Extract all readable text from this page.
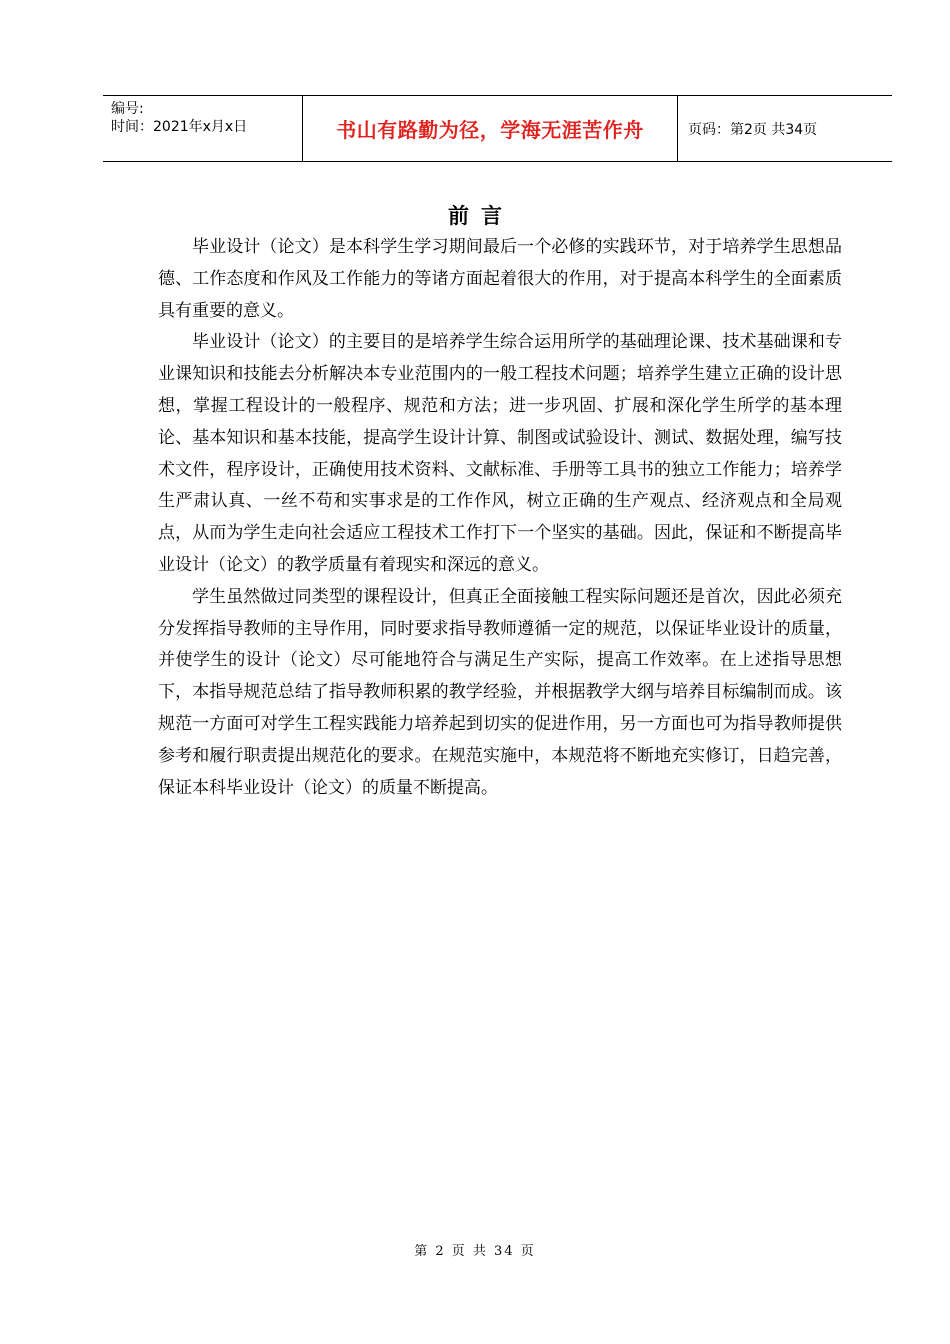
编号:
时间：2021年x月x日	书山有路勤为径，学海无涯苦作舟	页码：第2页 共34页
前言

毕业设计（论文）是本科学生学习期间最后一个必修的实践环节，对于培养学生思想品德、工作态度和作风及工作能力的等诸方面起着很大的作用，对于提高本科学生的全面素质具有重要的意义。

毕业设计（论文）的主要目的是培养学生综合运用所学的基础理论课、技术基础课和专业课知识和技能去分析解决本专业范围内的一般工程技术问题；培养学生建立正确的设计思想，掌握工程设计的一般程序、规范和方法；进一步巩固、扩展和深化学生所学的基本理论、基本知识和基本技能，提高学生设计计算、制图或试验设计、测试、数据处理，编写技术文件，程序设计，正确使用技术资料、文献标准、手册等工具书的独立工作能力；培养学生严肃认真、一丝不苟和实事求是的工作作风，树立正确的生产观点、经济观点和全局观点，从而为学生走向社会适应工程技术工作打下一个坚实的基础。因此，保证和不断提高毕业设计（论文）的教学质量有着现实和深远的意义。

学生虽然做过同类型的课程设计，但真正全面接触工程实际问题还是首次，因此必须充分发挥指导教师的主导作用，同时要求指导教师遵循一定的规范，以保证毕业设计的质量，并使学生的设计（论文）尽可能地符合与满足生产实际，提高工作效率。在上述指导思想下，本指导规范总结了指导教师积累的教学经验，并根据教学大纲与培养目标编制而成。该规范一方面可对学生工程实践能力培养起到切实的促进作用，另一方面也可为指导教师提供参考和履行职责提出规范化的要求。在规范实施中，本规范将不断地充实修订，日趋完善，保证本科毕业设计（论文）的质量不断提高。

第 2 页 共 34 页
